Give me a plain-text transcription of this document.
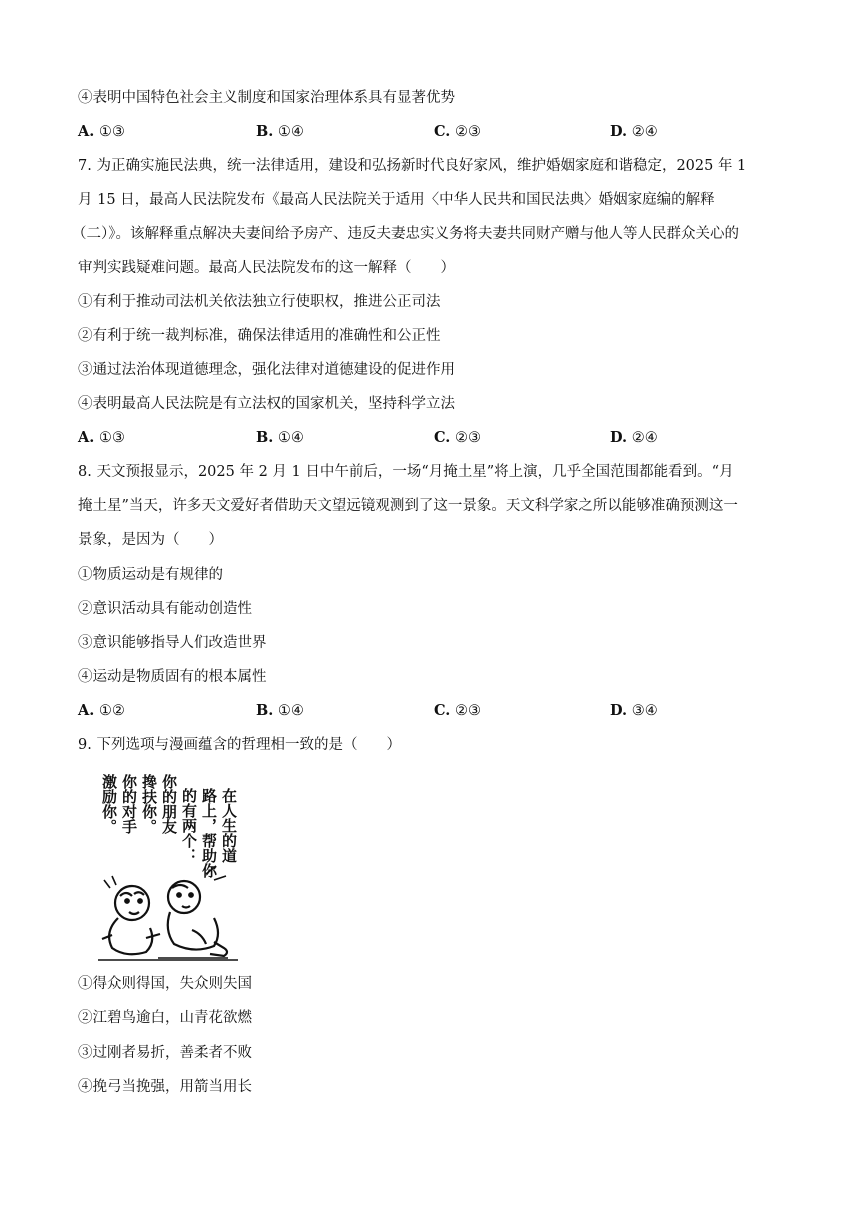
④表明中国特色社会主义制度和国家治理体系具有显著优势
A. ①③	B. ①④	C. ②③	D. ②④
7. 为正确实施民法典，统一法律适用，建设和弘扬新时代良好家风，维护婚姻家庭和谐稳定，2025 年 1
月 15 日，最高人民法院发布《最高人民法院关于适用〈中华人民共和国民法典〉婚姻家庭编的解释
（二）》。该解释重点解决夫妻间给予房产、违反夫妻忠实义务将夫妻共同财产赠与他人等人民群众关心的
审判实践疑难问题。最高人民法院发布的这一解释（　　）
①有利于推动司法机关依法独立行使职权，推进公正司法
②有利于统一裁判标准，确保法律适用的准确性和公正性
③通过法治体现道德理念，强化法律对道德建设的促进作用
④表明最高人民法院是有立法权的国家机关，坚持科学立法
A. ①③	B. ①④	C. ②③	D. ②④
8. 天文预报显示，2025 年 2 月 1 日中午前后，一场“月掩土星”将上演，几乎全国范围都能看到。“月
掩土星”当天，许多天文爱好者借助天文望远镜观测到了这一景象。天文科学家之所以能够准确预测这一
景象，是因为（　　）
①物质运动是有规律的
②意识活动具有能动创造性
③意识能够指导人们改造世界
④运动是物质固有的根本属性
A. ①②	B. ①④	C. ②③	D. ③④
9. 下列选项与漫画蕴含的哲理相一致的是（　　）
在人生的道
路上，帮助你
的有两个：
你的朋友
搀扶你。
你的对手
激励你。
①得众则得国，失众则失国
②江碧鸟逾白，山青花欲燃
③过刚者易折，善柔者不败
④挽弓当挽强，用箭当用长
